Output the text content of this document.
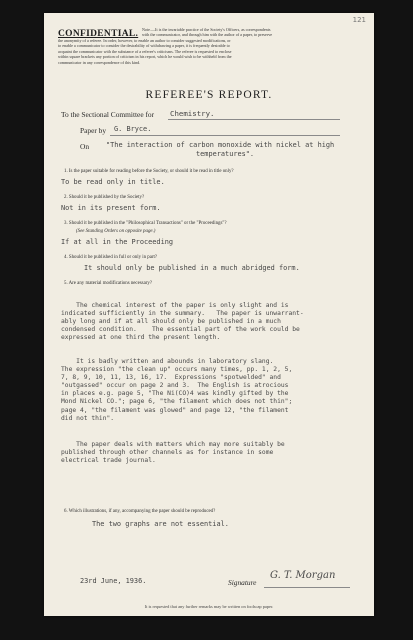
121
CONFIDENTIAL. Note.—It is the invariable practice of the Society's Officers, as correspondents
with the communicator, and through him with the author of a paper, to preserve
the anonymity of a referee. In order, however, to enable an author to consider suggested modifications, or
to enable a communicator to consider the desirability of withdrawing a paper, it is frequently desirable to
acquaint the communicator with the substance of a referee's criticisms. The referee is requested to enclose
within square brackets any portion of criticism in his report, which he would wish to be withheld from the
communicator in any correspondence of this kind.
REFEREE'S REPORT.
To the Sectional Committee for Chemistry.
Paper by G. Bryce.
On "The interaction of carbon monoxide with nickel at high
temperatures".
1. Is the paper suitable for reading before the Society, or should it be read in title only?
To be read only in title.
2. Should it be published by the Society?
Not in its present form.
3. Should it be published in the "Philosophical Transactions" or the "Proceedings"?
(See Standing Orders on opposite page.)
If at all in the Proceeding
4. Should it be published in full or only in part?
It should only be published in a much abridged form.
5. Are any material modifications necessary?
The chemical interest of the paper is only slight and is
indicated sufficiently in the summary.   The paper is unwarrant-
ably long and if at all should only be published in a much
condensed condition.    The essential part of the work could be
expressed at one third the present length.
It is badly written and abounds in laboratory slang.
The expression "the clean up" occurs many times, pp. 1, 2, 5,
7, 8, 9, 10, 11, 13, 16, 17.  Expressions "spotwelded" and
"outgassed" occur on page 2 and 3.  The English is atrocious
in places e.g. page 5, "The Ni(CO)4 was kindly gifted by the
Mond Nickel CO."; page 6, "the filament which does not thin";
page 4, "the filament was glowed" and page 12, "the filament
did not thin".
The paper deals with matters which may more suitably be
published through other channels as for instance in some
electrical trade journal.
6. Which illustrations, if any, accompanying the paper should be reproduced?
The two graphs are not essential.
23rd June, 1936.	Signature
G. T. Morgan
It is requested that any further remarks may be written on foolscap paper.
